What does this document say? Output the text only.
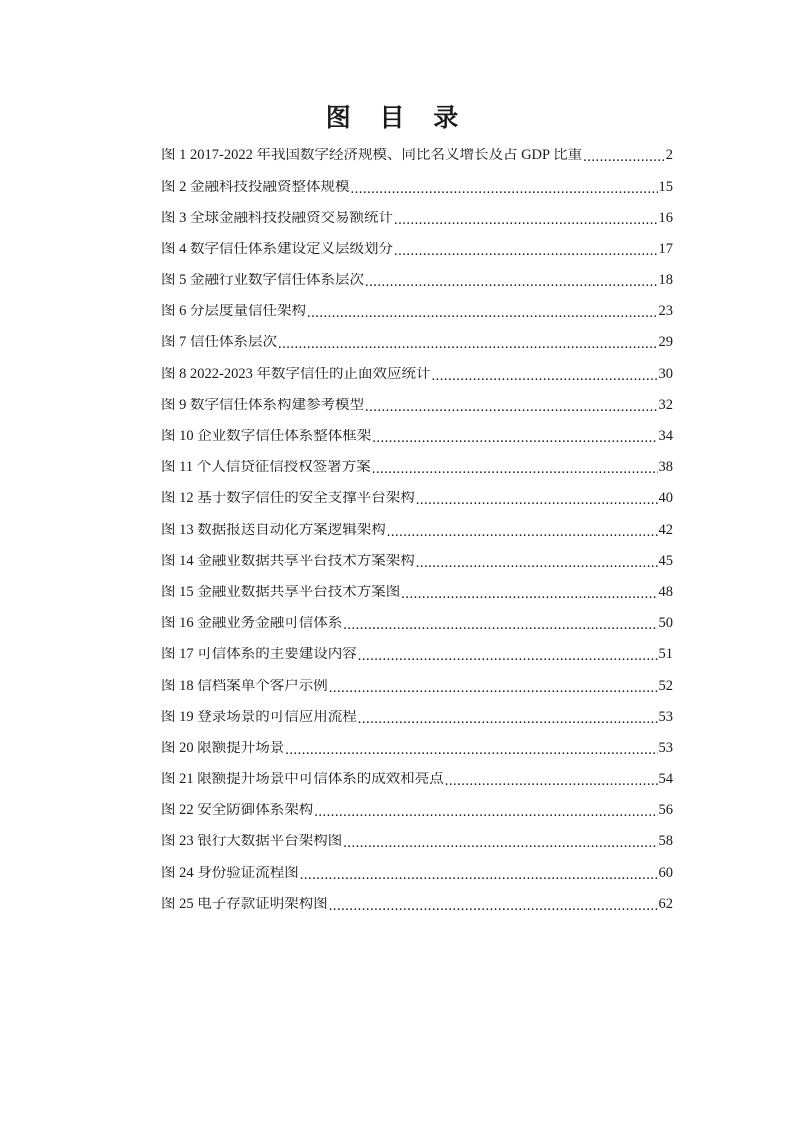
图 目 录
图 1 2017-2022 年我国数字经济规模、同比名义增长及占 GDP 比重 .....	2
图 2 金融科技投融资整体规模 .....	15
图 3 全球金融科技投融资交易额统计 .....	16
图 4 数字信任体系建设定义层级划分 .....	17
图 5 金融行业数字信任体系层次 .....	18
图 6 分层度量信任架构 .....	23
图 7 信任体系层次 .....	29
图 8 2022-2023 年数字信任的正面效应统计 .....	30
图 9 数字信任体系构建参考模型 .....	32
图 10 企业数字信任体系整体框架 .....	34
图 11 个人信贷征信授权签署方案 .....	38
图 12 基于数字信任的安全支撑平台架构 .....	40
图 13 数据报送自动化方案逻辑架构 .....	42
图 14 金融业数据共享平台技术方案架构 .....	45
图 15 金融业数据共享平台技术方案图 .....	48
图 16 金融业务金融可信体系 .....	50
图 17 可信体系的主要建设内容 .....	51
图 18 信档案单个客户示例 .....	52
图 19 登录场景的可信应用流程 .....	53
图 20 限额提升场景 .....	53
图 21 限额提升场景中可信体系的成效和亮点 .....	54
图 22 安全防御体系架构 .....	56
图 23 银行大数据平台架构图 .....	58
图 24 身份验证流程图 .....	60
图 25 电子存款证明架构图 .....	62
